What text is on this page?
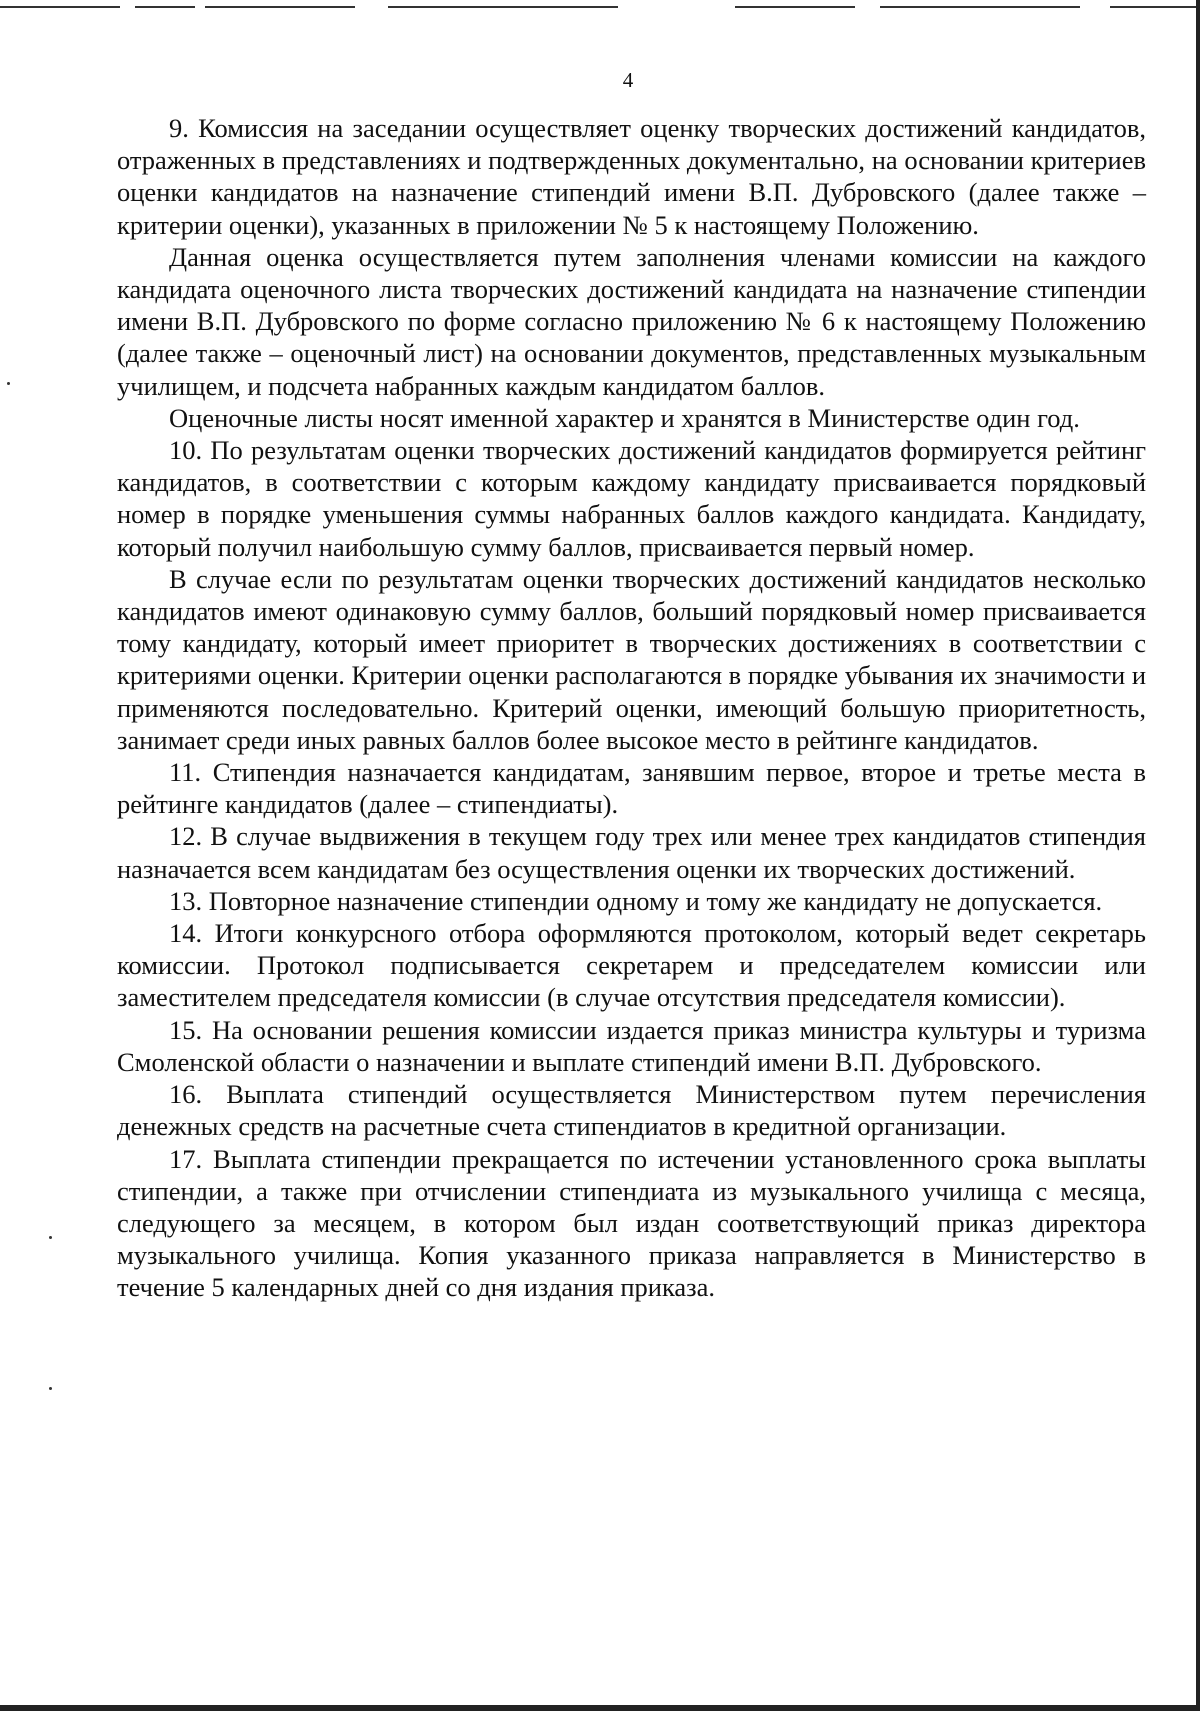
4

9. Комиссия на заседании осуществляет оценку творческих достижений кандидатов, отраженных в представлениях и подтвержденных документально, на основании критериев оценки кандидатов на назначение стипендий имени В.П. Дубровского (далее также – критерии оценки), указанных в приложении № 5 к настоящему Положению.

Данная оценка осуществляется путем заполнения членами комиссии на каждого кандидата оценочного листа творческих достижений кандидата на назначение стипендии имени В.П. Дубровского по форме согласно приложению № 6 к настоящему Положению (далее также – оценочный лист) на основании документов, представленных музыкальным училищем, и подсчета набранных каждым кандидатом баллов.

Оценочные листы носят именной характер и хранятся в Министерстве один год.

10. По результатам оценки творческих достижений кандидатов формируется рейтинг кандидатов, в соответствии с которым каждому кандидату присваивается порядковый номер в порядке уменьшения суммы набранных баллов каждого кандидата. Кандидату, который получил наибольшую сумму баллов, присваивается первый номер.

В случае если по результатам оценки творческих достижений кандидатов несколько кандидатов имеют одинаковую сумму баллов, больший порядковый номер присваивается тому кандидату, который имеет приоритет в творческих достижениях в соответствии с критериями оценки. Критерии оценки располагаются в порядке убывания их значимости и применяются последовательно. Критерий оценки, имеющий большую приоритетность, занимает среди иных равных баллов более высокое место в рейтинге кандидатов.

11. Стипендия назначается кандидатам, занявшим первое, второе и третье места в рейтинге кандидатов (далее – стипендиаты).

12. В случае выдвижения в текущем году трех или менее трех кандидатов стипендия назначается всем кандидатам без осуществления оценки их творческих достижений.

13. Повторное назначение стипендии одному и тому же кандидату не допускается.

14. Итоги конкурсного отбора оформляются протоколом, который ведет секретарь комиссии. Протокол подписывается секретарем и председателем комиссии или заместителем председателя комиссии (в случае отсутствия председателя комиссии).

15. На основании решения комиссии издается приказ министра культуры и туризма Смоленской области о назначении и выплате стипендий имени В.П. Дубровского.

16. Выплата стипендий осуществляется Министерством путем перечисления денежных средств на расчетные счета стипендиатов в кредитной организации.

17. Выплата стипендии прекращается по истечении установленного срока выплаты стипендии, а также при отчислении стипендиата из музыкального училища с месяца, следующего за месяцем, в котором был издан соответствующий приказ директора музыкального училища. Копия указанного приказа направляется в Министерство в течение 5 календарных дней со дня издания приказа.
